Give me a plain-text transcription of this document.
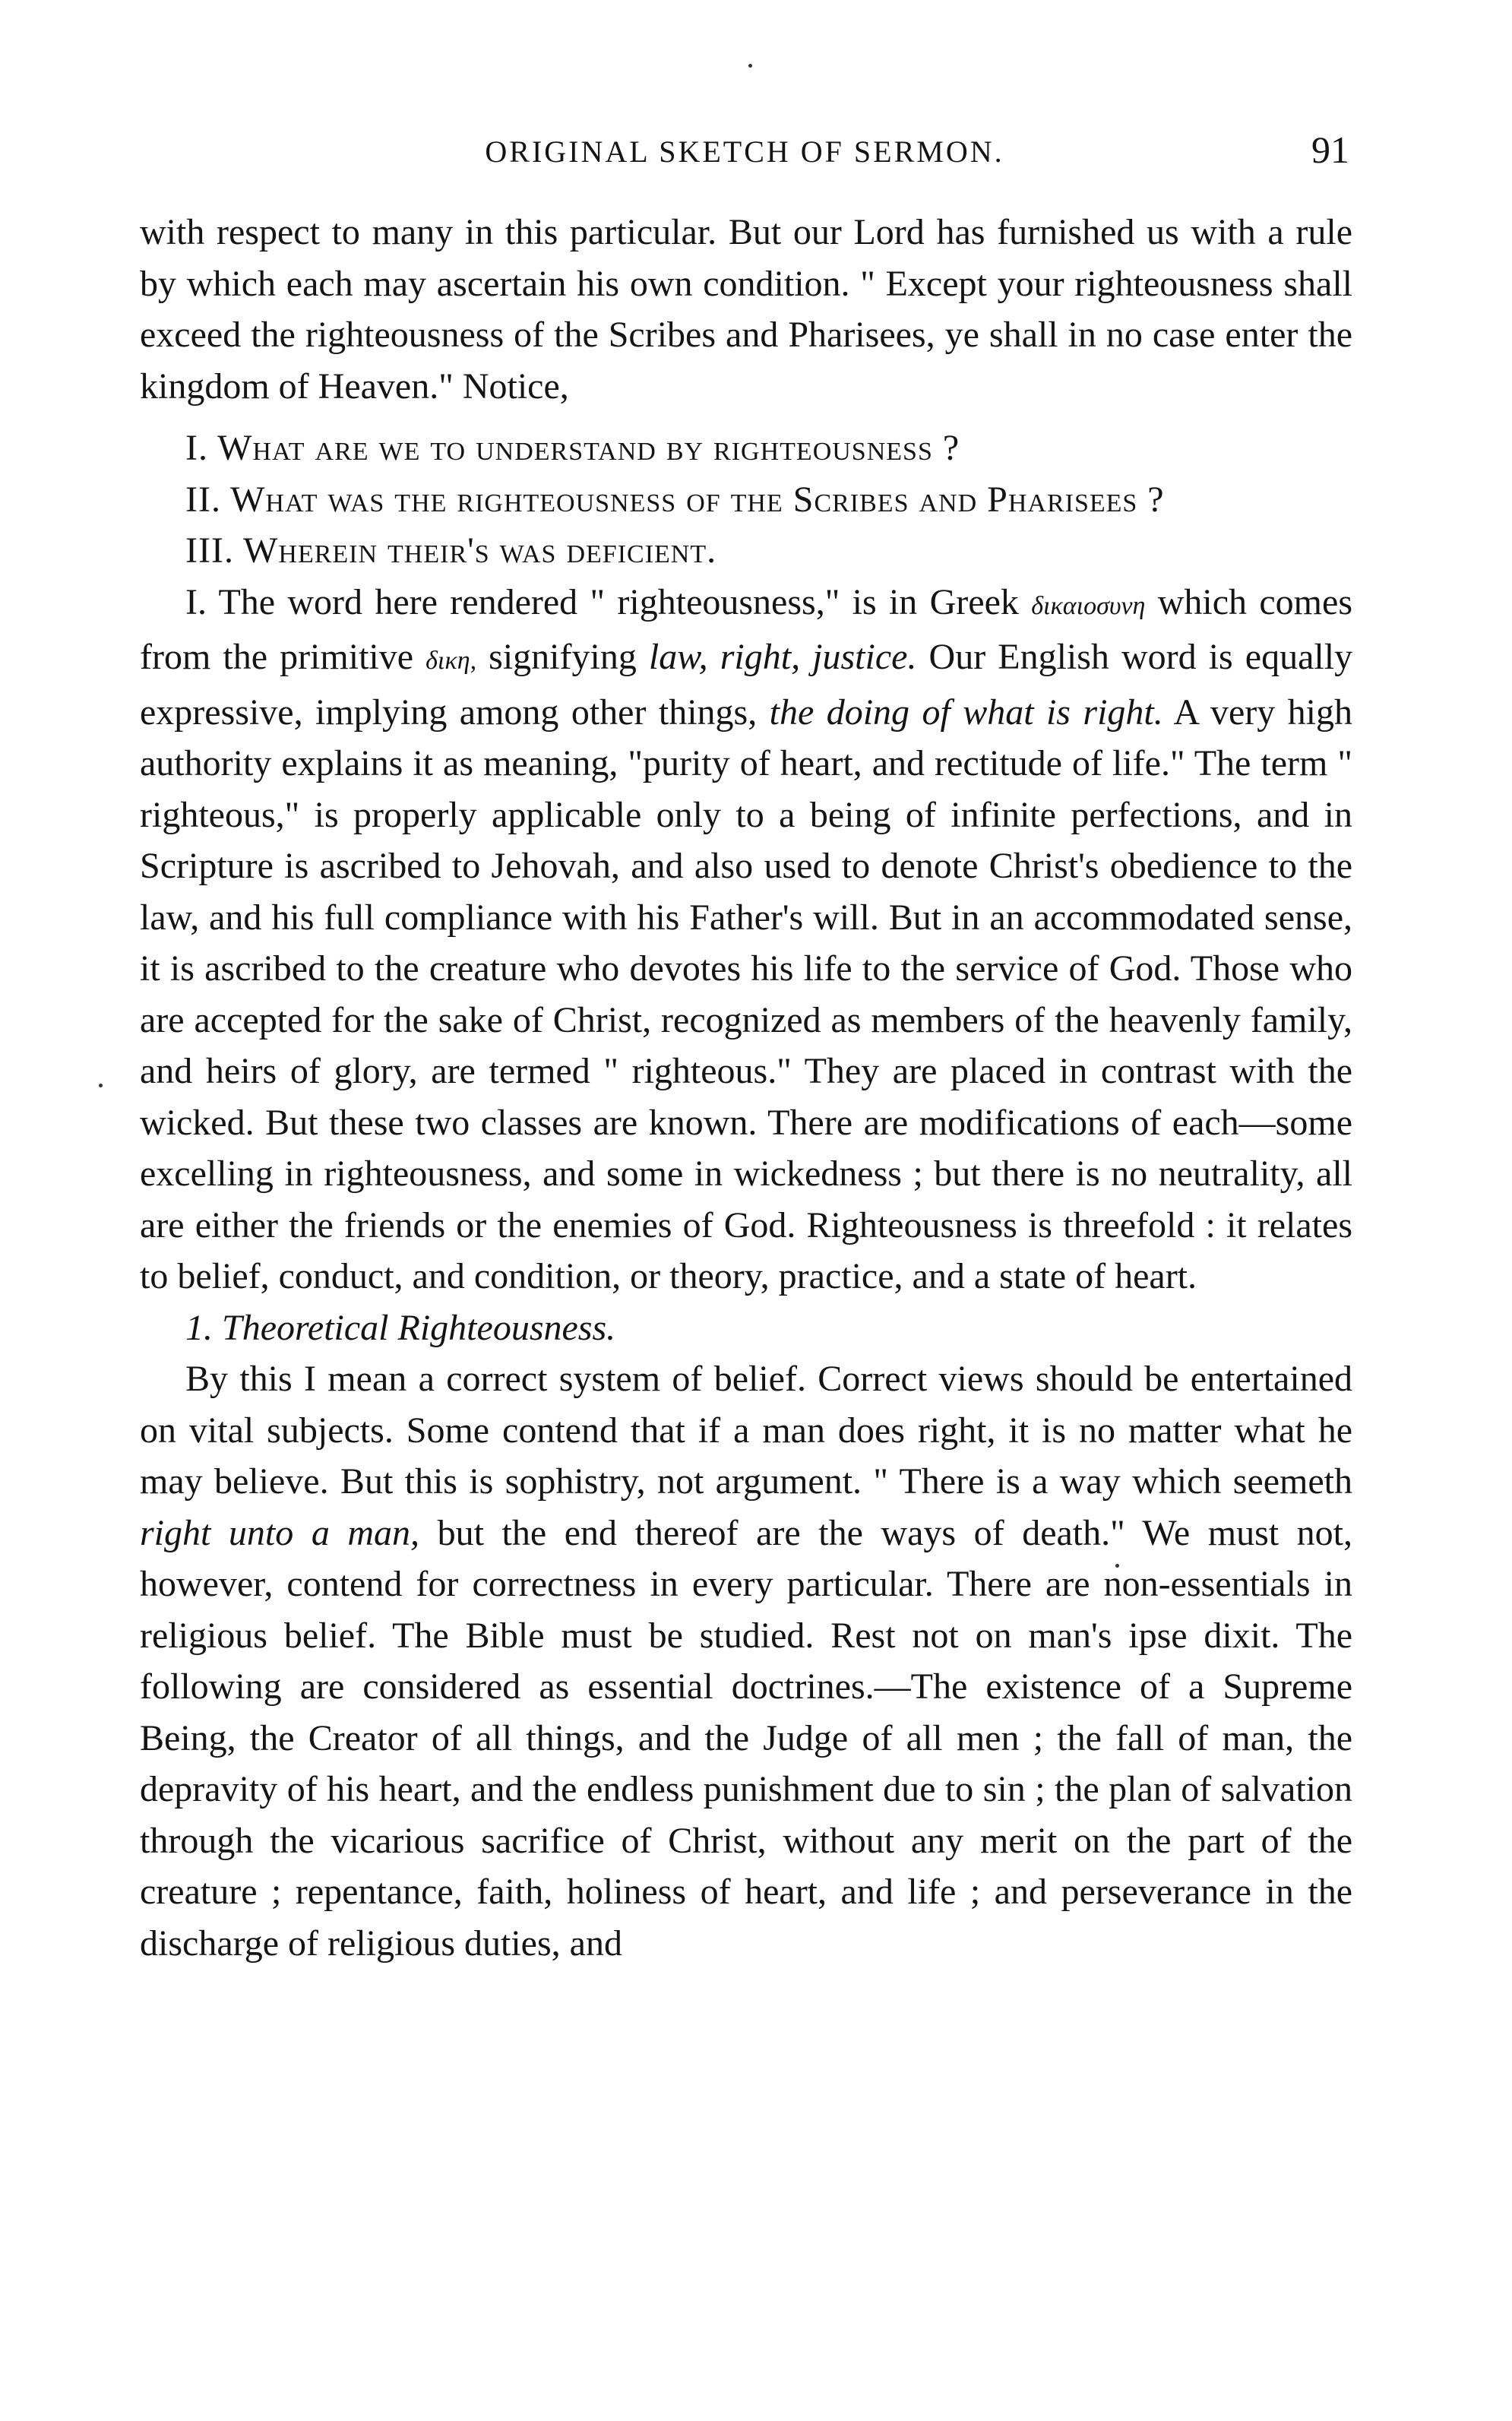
ORIGINAL SKETCH OF SERMON.	91

with respect to many in this particular. But our Lord has furnished us with a rule by which each may ascertain his own condition. " Except your righteousness shall exceed the righteousness of the Scribes and Pharisees, ye shall in no case enter the kingdom of Heaven." Notice,

I. What are we to understand by righteousness ?

II. What was the righteousness of the Scribes and Pharisees ?

III. Wherein their's was deficient.

I. The word here rendered " righteousness," is in Greek δικαιοσυνη which comes from the primitive δικη, signifying law, right, justice. Our English word is equally expressive, implying among other things, the doing of what is right. A very high authority explains it as meaning, "purity of heart, and rectitude of life." The term " righteous," is properly applicable only to a being of infinite perfections, and in Scripture is ascribed to Jehovah, and also used to denote Christ's obedience to the law, and his full compliance with his Father's will. But in an accommodated sense, it is ascribed to the creature who devotes his life to the service of God. Those who are accepted for the sake of Christ, recognized as members of the heavenly family, and heirs of glory, are termed " righteous." They are placed in contrast with the wicked. But these two classes are known. There are modifications of each—some excelling in righteousness, and some in wickedness ; but there is no neutrality, all are either the friends or the enemies of God. Righteousness is threefold : it relates to belief, conduct, and condition, or theory, practice, and a state of heart.

1. Theoretical Righteousness.

By this I mean a correct system of belief. Correct views should be entertained on vital subjects. Some contend that if a man does right, it is no matter what he may believe. But this is sophistry, not argument. " There is a way which seemeth right unto a man, but the end thereof are the ways of death." We must not, however, contend for correctness in every particular. There are non-essentials in religious belief. The Bible must be studied. Rest not on man's ipse dixit. The following are considered as essential doctrines.—The existence of a Supreme Being, the Creator of all things, and the Judge of all men ; the fall of man, the depravity of his heart, and the endless punishment due to sin ; the plan of salvation through the vicarious sacrifice of Christ, without any merit on the part of the creature ; repentance, faith, holiness of heart, and life ; and perseverance in the discharge of religious duties, and
